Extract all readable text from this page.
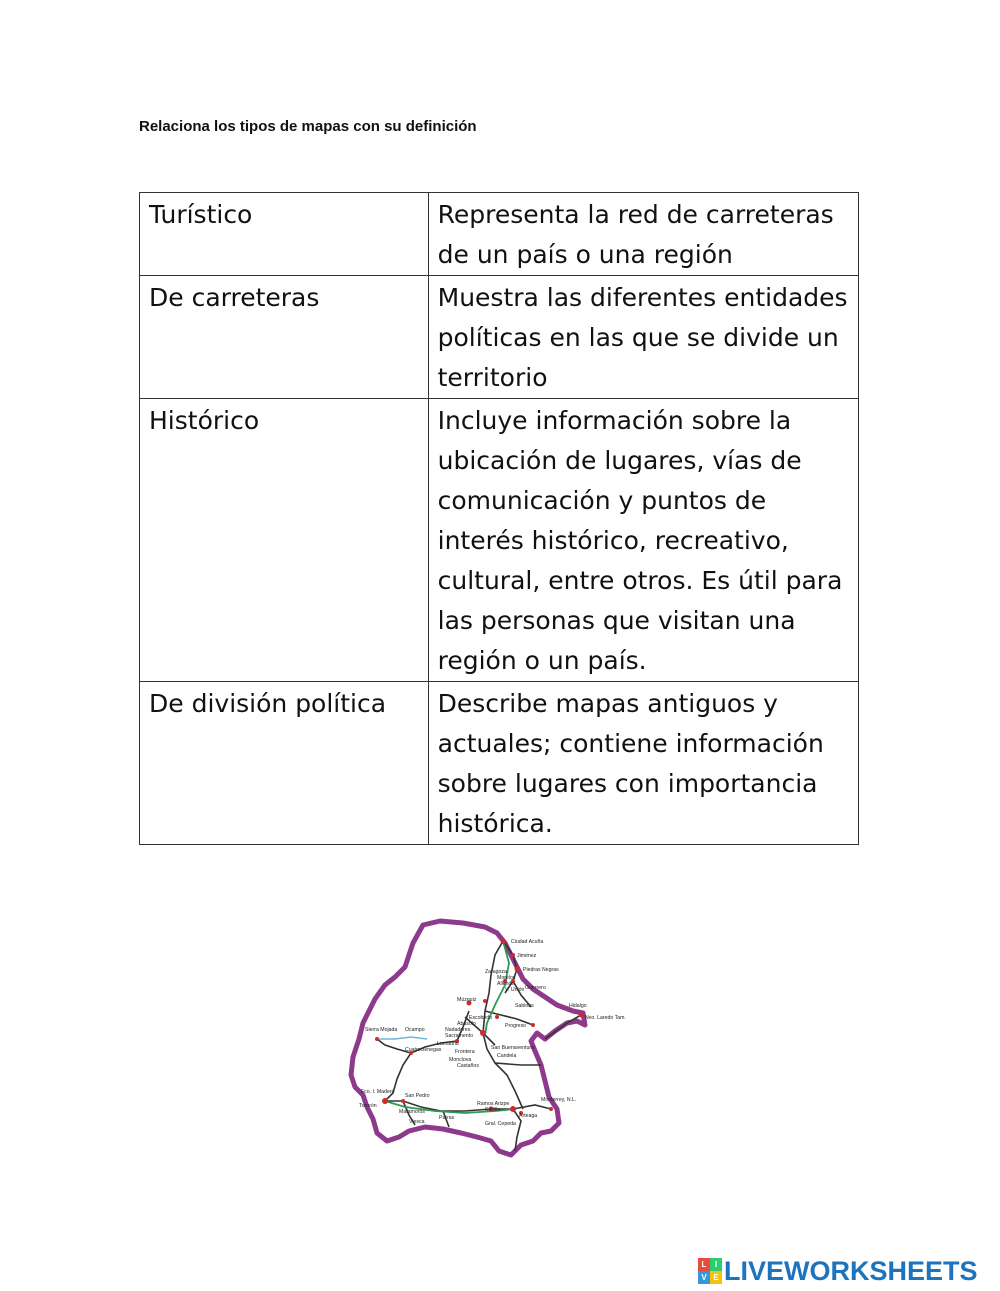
Relaciona los tipos de mapas con su definición
Turístico	Representa la red de carreteras de un país o una región
De carreteras	Muestra las diferentes entidades políticas en las que se divide un territorio
Histórico	Incluye información sobre la ubicación de lugares, vías de comunicación y puntos de interés histórico, recreativo, cultural, entre otros. Es útil para las personas que visitan una región o un país.
De división política	Describe mapas antiguos y actuales; contiene información sobre lugares con importancia histórica.
Ciudad Acuña
Jiménez
Piedras Negras
Zaragoza
Morelos
Allende
V. Unión Guerrero
Sabinas	Hidalgo
Múzquiz
Escobedo
Abasolo	Progreso
Sierra Mojada Ocampo	Nadadores
Sacramento
Lamadrid
Cuatrociénegas	Frontera
San Buenaventura
Candela
Monclova
Castaños
Fco. I. Madero
Torreón
San Pedro
Matamoros
Viesca
Parras
Ramos Arizpe
Saltillo
Arteaga
Gral. Cepeda
Monterrey, N.L.
Nvo. Laredo Tam.
L	I
V E LIVEWORKSHEETS
